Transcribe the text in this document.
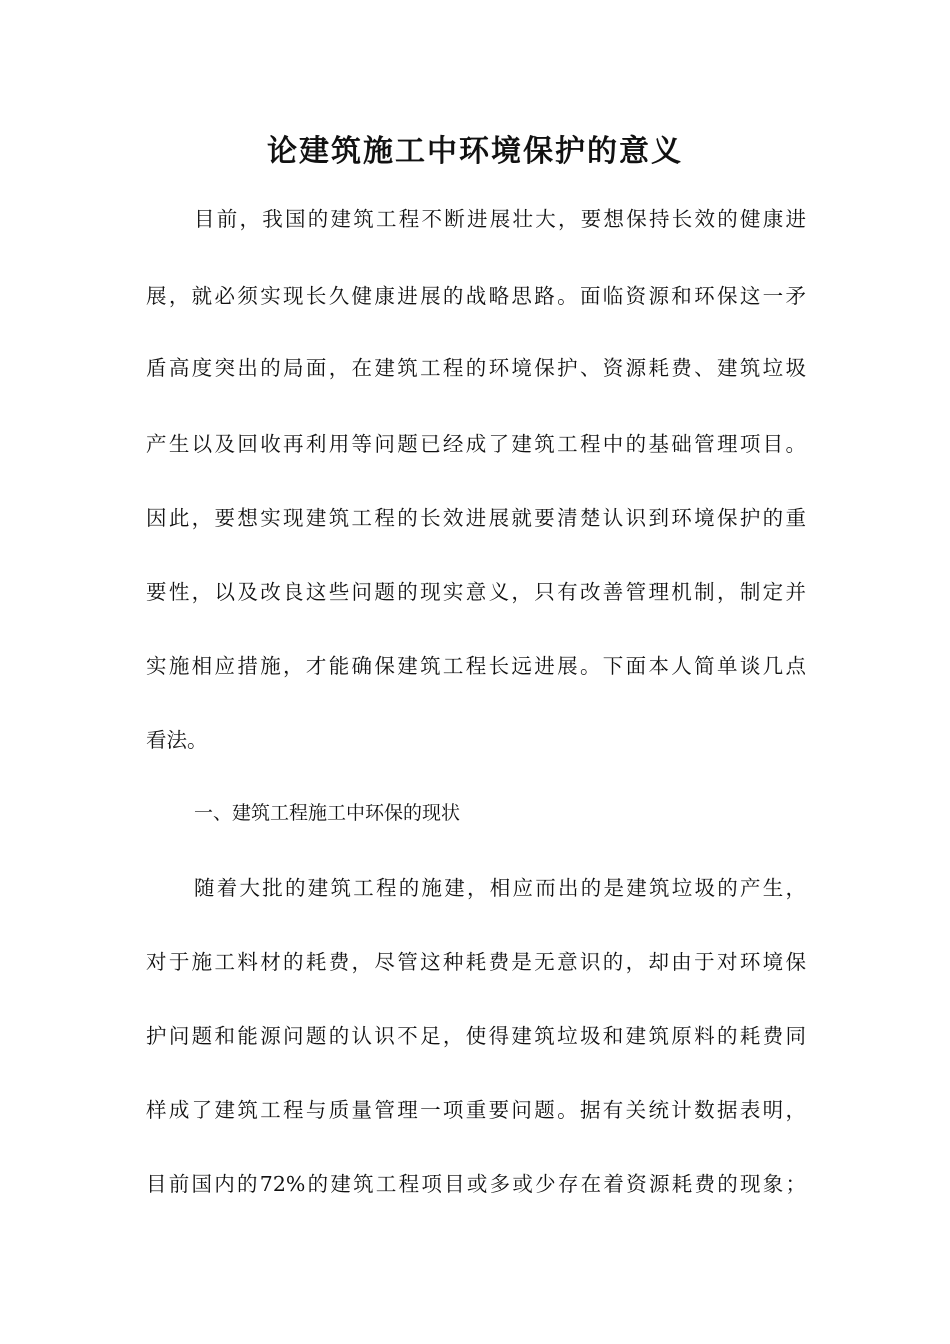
论建筑施工中环境保护的意义

目前，我国的建筑工程不断进展壮大，要想保持长效的健康进

展，就必须实现长久健康进展的战略思路。面临资源和环保这一矛

盾高度突出的局面，在建筑工程的环境保护、资源耗费、建筑垃圾

产生以及回收再利用等问题已经成了建筑工程中的基础管理项目。

因此，要想实现建筑工程的长效进展就要清楚认识到环境保护的重

要性，以及改良这些问题的现实意义，只有改善管理机制，制定并

实施相应措施，才能确保建筑工程长远进展。下面本人简单谈几点

看法。

一、建筑工程施工中环保的现状

随着大批的建筑工程的施建，相应而出的是建筑垃圾的产生，

对于施工料材的耗费，尽管这种耗费是无意识的，却由于对环境保

护问题和能源问题的认识不足，使得建筑垃圾和建筑原料的耗费同

样成了建筑工程与质量管理一项重要问题。据有关统计数据表明，

目前国内的72%的建筑工程项目或多或少存在着资源耗费的现象；
